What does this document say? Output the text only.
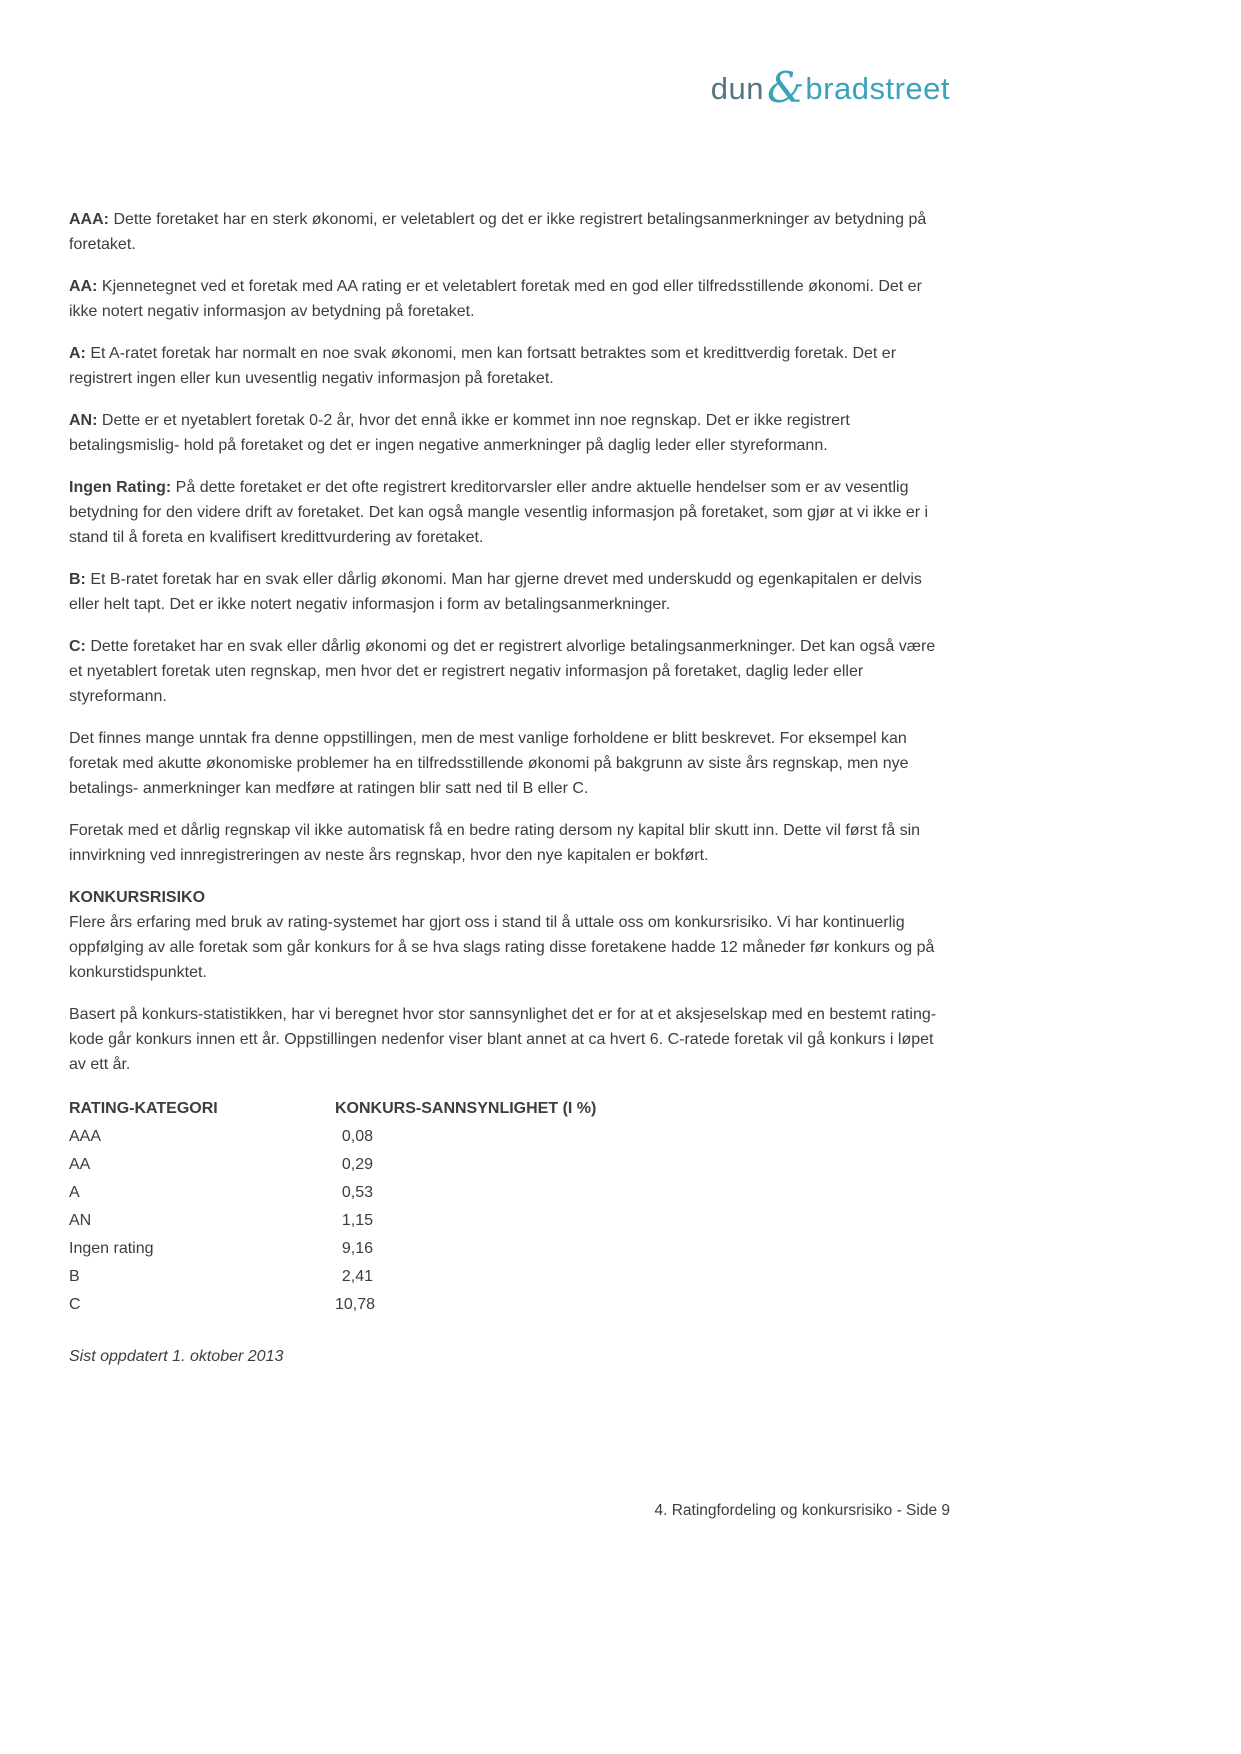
dun&bradstreet

AAA: Dette foretaket har en sterk økonomi, er veletablert og det er ikke registrert betalingsanmerkninger av betydning på foretaket.

AA: Kjennetegnet ved et foretak med AA rating er et veletablert foretak med en god eller tilfredsstillende økonomi. Det er ikke notert negativ informasjon av betydning på foretaket.

A: Et A-ratet foretak har normalt en noe svak økonomi, men kan fortsatt betraktes som et kredittverdig foretak. Det er registrert ingen eller kun uvesentlig negativ informasjon på foretaket.

AN: Dette er et nyetablert foretak 0-2 år, hvor det ennå ikke er kommet inn noe regnskap. Det er ikke registrert betalingsmislig- hold på foretaket og det er ingen negative anmerkninger på daglig leder eller styreformann.

Ingen Rating: På dette foretaket er det ofte registrert kreditorvarsler eller andre aktuelle hendelser som er av vesentlig betydning for den videre drift av foretaket. Det kan også mangle vesentlig informasjon på foretaket, som gjør at vi ikke er i stand til å foreta en kvalifisert kredittvurdering av foretaket.

B: Et B-ratet foretak har en svak eller dårlig økonomi. Man har gjerne drevet med underskudd og egenkapitalen er delvis eller helt tapt. Det er ikke notert negativ informasjon i form av betalingsanmerkninger.

C: Dette foretaket har en svak eller dårlig økonomi og det er registrert alvorlige betalingsanmerkninger. Det kan også være et nyetablert foretak uten regnskap, men hvor det er registrert negativ informasjon på foretaket, daglig leder eller styreformann.

Det finnes mange unntak fra denne oppstillingen, men de mest vanlige forholdene er blitt beskrevet. For eksempel kan foretak med akutte økonomiske problemer ha en tilfredsstillende økonomi på bakgrunn av siste års regnskap, men nye betalings- anmerkninger kan medføre at ratingen blir satt ned til B eller C.

Foretak med et dårlig regnskap vil ikke automatisk få en bedre rating dersom ny kapital blir skutt inn. Dette vil først få sin innvirkning ved innregistreringen av neste års regnskap, hvor den nye kapitalen er bokført.

KONKURSRISIKO

Flere års erfaring med bruk av rating-systemet har gjort oss i stand til å uttale oss om konkursrisiko. Vi har kontinuerlig oppfølging av alle foretak som går konkurs for å se hva slags rating disse foretakene hadde 12 måneder før konkurs og på konkurstidspunktet.

Basert på konkurs-statistikken, har vi beregnet hvor stor sannsynlighet det er for at et aksjeselskap med en bestemt rating-kode går konkurs innen ett år. Oppstillingen nedenfor viser blant annet at ca hvert 6. C-ratede foretak vil gå konkurs i løpet av ett år.

RATING-KATEGORI	KONKURS-SANNSYNLIGHET (I %)
AAA	0,08
AA	0,29
A	0,53
AN	1,15
Ingen rating	9,16
B	2,41
C	10,78

Sist oppdatert 1. oktober 2013

4. Ratingfordeling og konkursrisiko - Side 9
